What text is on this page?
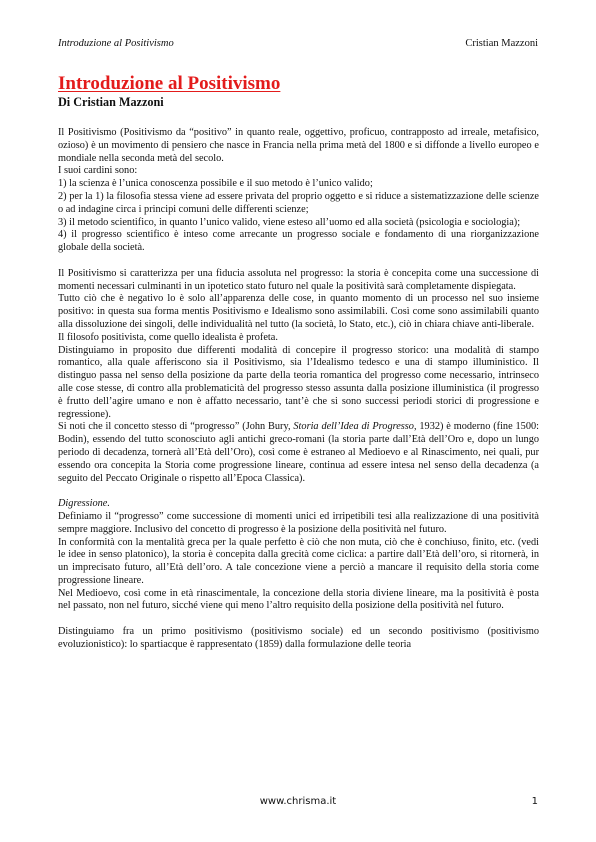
Introduzione al Positivismo	Cristian Mazzoni
Introduzione al Positivismo
Di Cristian Mazzoni

Il Positivismo (Positivismo da “positivo” in quanto reale, oggettivo, proficuo, contrapposto ad irreale, metafisico, ozioso) è un movimento di pensiero che nasce in Francia nella prima metà del 1800 e si diffonde a livello europeo e mondiale nella seconda metà del secolo.

I suoi cardini sono:

1) la scienza è l’unica conoscenza possibile e il suo metodo è l’unico valido;

2) per la 1) la filosofia stessa viene ad essere privata del proprio oggetto e si riduce a sistematizzazione delle scienze o ad indagine circa i principi comuni delle differenti scienze;

3) il metodo scientifico, in quanto l’unico valido, viene esteso all’uomo ed alla società (psicologia e sociologia);

4) il progresso scientifico è inteso come arrecante un progresso sociale e fondamento di una riorganizzazione globale della società.

Il Positivismo si caratterizza per una fiducia assoluta nel progresso: la storia è concepita come una successione di momenti necessari culminanti in un ipotetico stato futuro nel quale la positività sarà completamente dispiegata.

Tutto ciò che è negativo lo è solo all’apparenza delle cose, in quanto momento di un processo nel suo insieme positivo: in questa sua forma mentis Positivismo e Idealismo sono assimilabili. Così come sono assimilabili quanto alla dissoluzione dei singoli, delle individualità nel tutto (la società, lo Stato, etc.), ciò in chiara chiave anti-liberale.

Il filosofo positivista, come quello idealista è profeta.

Distinguiamo in proposito due differenti modalità di concepire il progresso storico: una modalità di stampo romantico, alla quale afferiscono sia il Positivismo, sia l’Idealismo tedesco e una di stampo illuministico. Il distinguo passa nel senso della posizione da parte della teoria romantica del progresso come necessario, intrinseco alle cose stesse, di contro alla problematicità del progresso stesso assunta dalla posizione illuministica (il progresso è frutto dell’agire umano e non è affatto necessario, tant’è che si sono successi periodi storici di progressione e regressione).

Si noti che il concetto stesso di “progresso” (John Bury, Storia dell’Idea di Progresso, 1932) è moderno (fine 1500: Bodin), essendo del tutto sconosciuto agli antichi greco-romani (la storia parte dall’Età dell’Oro e, dopo un lungo periodo di decadenza, tornerà all’Età dell’Oro), così come è estraneo al Medioevo e al Rinascimento, nei quali, pur essendo ora concepita la Storia come progressione lineare, continua ad essere intesa nel senso della decadenza (a seguito del Peccato Originale o rispetto all’Epoca Classica).

Digressione.

Definiamo il “progresso” come successione di momenti unici ed irripetibili tesi alla realizzazione di una positività sempre maggiore. Inclusivo del concetto di progresso è la posizione della positività nel futuro.

In conformità con la mentalità greca per la quale perfetto è ciò che non muta, ciò che è conchiuso, finito, etc. (vedi le idee in senso platonico), la storia è concepita dalla grecità come ciclica: a partire dall’Età dell’oro, si ritornerà, in un imprecisato futuro, all’Età dell’oro. A tale concezione viene a perciò a mancare il requisito della storia come progressione lineare.

Nel Medioevo, così come in età rinascimentale, la concezione della storia diviene lineare, ma la positività è posta nel passato, non nel futuro, sicché viene qui meno l’altro requisito della posizione della positività nel futuro.

Distinguiamo fra un primo positivismo (positivismo sociale) ed un secondo positivismo (positivismo evoluzionistico): lo spartiacque è rappresentato (1859) dalla formulazione delle teoria

www.chrisma.it	1
